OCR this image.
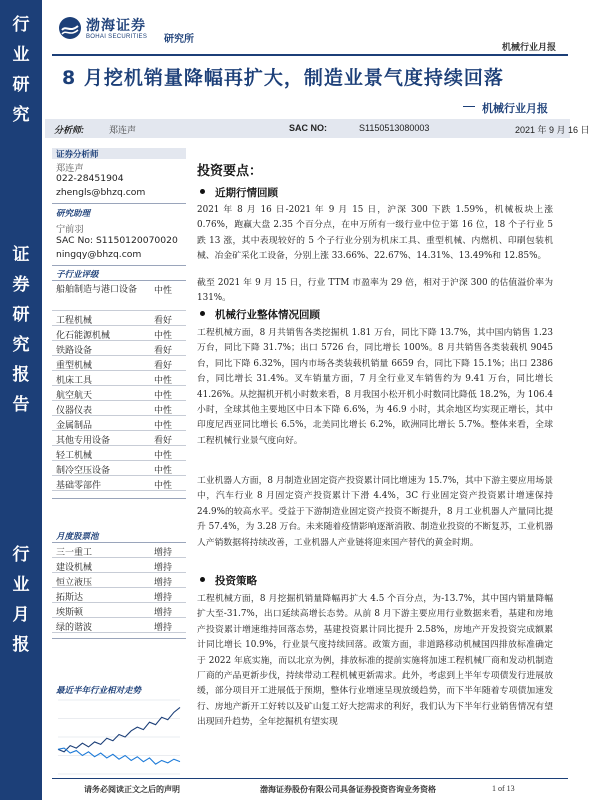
行
业
研
究
证
券
研
究
报
告
行
业
月
报
渤海证券
BOHAI SECURITIES 研究所
机械行业月报
8 月挖机销量降幅再扩大，制造业景气度持续回落
机械行业月报
分析师:	郑连声	SAC NO:	S1150513080003	2021 年 9 月 16 日
证券分析师
郑连声
022-28451904
zhengls@bhzq.com
研究助理
宁前羽
SAC No: S1150120070020
ningqy@bhzq.com
子行业评级
船舶制造与港口设备	中性
工程机械	看好
化石能源机械	中性
铁路设备	看好
重型机械	看好
机床工具	中性
航空航天	中性
仪器仪表	中性
金属制品	中性
其他专用设备	看好
轻工机械	中性
制冷空压设备	中性
基础零部件	中性
月度股票池
三一重工	增持
建设机械	增持
恒立液压	增持
拓斯达	增持
埃斯顿	增持
绿的谐波	增持
最近半年行业相对走势
投资要点：
近期行情回顾
2021 年 8 月 16 日-2021 年 9 月 15 日，沪深 300 下跌 1.59%，机械板块上涨 0.76%，跑赢大盘 2.35 个百分点，在申万所有一级行业中位于第 16 位，18 个子行业 5 跌 13 涨，其中表现较好的 5 个子行业分别为机床工具、重型机械、内燃机、印刷包装机械、冶金矿采化工设备，分别上涨 33.66%、22.67%、14.31%、13.49%和 12.85%。
截至 2021 年 9 月 15 日，行业 TTM 市盈率为 29 倍，相对于沪深 300 的估值溢价率为 131%。
机械行业整体情况回顾
工程机械方面，8 月共销售各类挖掘机 1.81 万台，同比下降 13.7%，其中国内销售 1.23 万台，同比下降 31.7%；出口 5726 台，同比增长 100%。8 月共销售各类装载机 9045 台，同比下降 6.32%，国内市场各类装载机销量 6659 台，同比下降 15.1%；出口 2386 台，同比增长 31.4%。叉车销量方面，7 月全行业叉车销售约为 9.41 万台，同比增长 41.26%。从挖掘机开机小时数来看，8 月我国小松开机小时数同比降低 18.2%，为 106.4 小时，全球其他主要地区中日本下降 6.6%，为 46.9 小时，其余地区均实现正增长，其中印度尼西亚同比增长 6.5%，北美同比增长 6.2%，欧洲同比增长 5.7%。整体来看，全球工程机械行业景气度向好。
工业机器人方面，8 月制造业固定资产投资累计同比增速为 15.7%，其中下游主要应用场景中，汽车行业 8 月固定资产投资累计下滑 4.4%，3C 行业固定资产投资累计增速保持 24.9%的较高水平。受益于下游制造业固定资产投资不断提升，8 月工业机器人产量同比提升 57.4%，为 3.28 万台。未来随着疫情影响逐渐消散、制造业投资的不断复苏，工业机器人产销数据将持续改善，工业机器人产业链将迎来国产替代的黄金时期。
投资策略
工程机械方面，8 月挖掘机销量降幅再扩大 4.5 个百分点，为-13.7%，其中国内销量降幅扩大至-31.7%，出口延续高增长态势。从前 8 月下游主要应用行业数据来看，基建和房地产投资累计增速维持回落态势，基建投资累计同比提升 2.58%，房地产开发投资完成额累计同比增长 10.9%，行业景气度持续回落。政策方面，非道路移动机械国四排放标准确定于 2022 年底实施，而以北京为例，排放标准的提前实施将加速工程机械厂商和发动机制造厂商的产品更新步伐，持续带动工程机械更新需求。此外，考虑到上半年专项债发行进展放缓，部分项目开工进展低于预期，整体行业增速呈现放缓趋势，而下半年随着专项债加速发行、房地产新开工好转以及矿山复工好大挖需求的利好，我们认为下半年行业销售情况有望出现回升趋势，全年挖掘机有望实现
请务必阅读正文之后的声明	渤海证券股份有限公司具备证券投资咨询业务资格	1 of 13
